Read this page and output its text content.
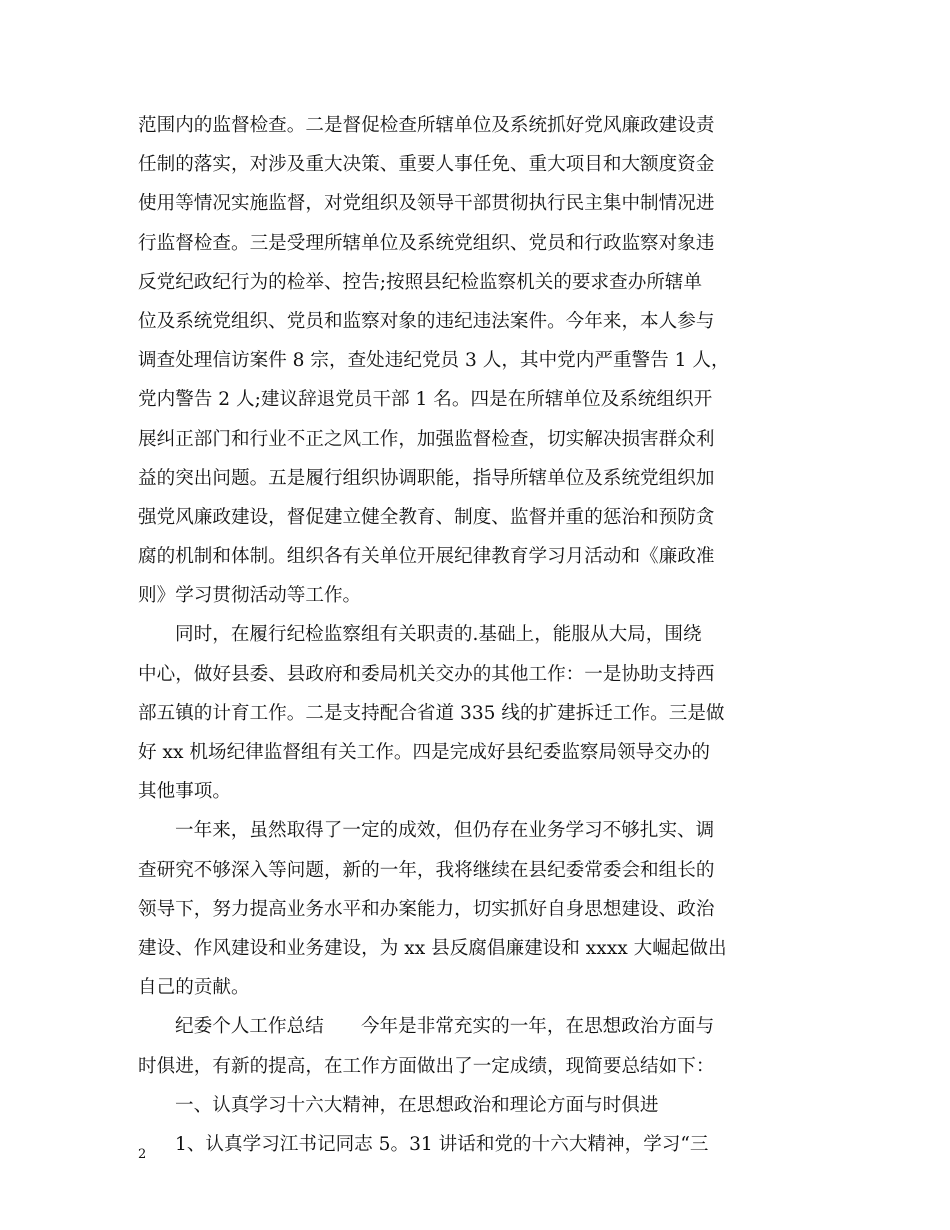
范围内的监督检查。二是督促检查所辖单位及系统抓好党风廉政建设责
任制的落实，对涉及重大决策、重要人事任免、重大项目和大额度资金
使用等情况实施监督，对党组织及领导干部贯彻执行民主集中制情况进
行监督检查。三是受理所辖单位及系统党组织、党员和行政监察对象违
反党纪政纪行为的检举、控告;按照县纪检监察机关的要求查办所辖单
位及系统党组织、党员和监察对象的违纪违法案件。今年来，本人参与
调查处理信访案件 8 宗，查处违纪党员 3 人，其中党内严重警告 1 人，
党内警告 2 人;建议辞退党员干部 1 名。四是在所辖单位及系统组织开
展纠正部门和行业不正之风工作，加强监督检查，切实解决损害群众利
益的突出问题。五是履行组织协调职能，指导所辖单位及系统党组织加
强党风廉政建设，督促建立健全教育、制度、监督并重的惩治和预防贪
腐的机制和体制。组织各有关单位开展纪律教育学习月活动和《廉政准
则》学习贯彻活动等工作。
同时，在履行纪检监察组有关职责的.基础上，能服从大局，围绕
中心，做好县委、县政府和委局机关交办的其他工作：一是协助支持西
部五镇的计育工作。二是支持配合省道 335 线的扩建拆迁工作。三是做
好 xx 机场纪律监督组有关工作。四是完成好县纪委监察局领导交办的
其他事项。
一年来，虽然取得了一定的成效，但仍存在业务学习不够扎实、调
查研究不够深入等问题，新的一年，我将继续在县纪委常委会和组长的
领导下，努力提高业务水平和办案能力，切实抓好自身思想建设、政治
建设、作风建设和业务建设，为 xx 县反腐倡廉建设和 xxxx 大崛起做出
自己的贡献。
纪委个人工作总结　　今年是非常充实的一年，在思想政治方面与
时俱进，有新的提高，在工作方面做出了一定成绩，现简要总结如下：
一、认真学习十六大精神，在思想政治和理论方面与时俱进
1、认真学习江书记同志 5。31 讲话和党的十六大精神，学习“三
2
